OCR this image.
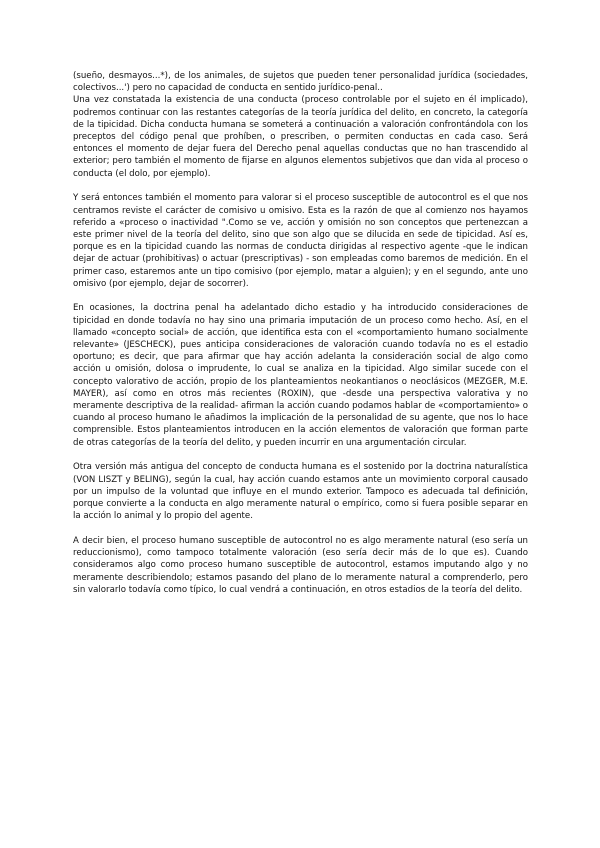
(sueño, desmayos...*), de los animales, de sujetos que pueden tener personalidad jurídica (sociedades, colectivos...') pero no capacidad de conducta en sentido jurídico-penal..

Una vez constatada la existencia de una conducta (proceso controlable por el sujeto en él implicado), podremos continuar con las restantes categorías de la teoría jurídica del delito, en concreto, la categoría de la tipicidad. Dicha conducta humana se someterá a continuación a valoración confrontándola con los preceptos del código penal que prohíben, o prescriben, o permiten conductas en cada caso. Será entonces el momento de dejar fuera del Derecho penal aquellas conductas que no han trascendido al exterior; pero también el momento de fijarse en algunos elementos subjetivos que dan vida al proceso o conducta (el dolo, por ejemplo).

Y será entonces también el momento para valorar si el proceso susceptible de autocontrol es el que nos centramos reviste el carácter de comisivo u omisivo. Esta es la razón de que al comienzo nos hayamos referido a «proceso o inactividad ".Como se ve, acción y omisión no son conceptos que pertenezcan a este primer nivel de la teoría del delito, sino que son algo que se dilucida en sede de tipicidad. Así es, porque es en la tipicidad cuando las normas de conducta dirigidas al respectivo agente -que le indican dejar de actuar (prohibitivas) o actuar (prescriptivas) - son empleadas como baremos de medición. En el primer caso, estaremos ante un tipo comisivo (por ejemplo, matar a alguien); y en el segundo, ante uno omisivo (por ejemplo, dejar de socorrer).

En ocasiones, la doctrina penal ha adelantado dicho estadio y ha introducido consideraciones de tipicidad en donde todavía no hay sino una primaria imputación de un proceso como hecho. Así, en el llamado «concepto social» de acción, que identifica esta con el «comportamiento humano socialmente relevante» (JESCHECK), pues anticipa consideraciones de valoración cuando todavía no es el estadio oportuno; es decir, que para afirmar que hay acción adelanta la consideración social de algo como acción u omisión, dolosa o imprudente, lo cual se analiza en la tipicidad. Algo similar sucede con el concepto valorativo de acción, propio de los planteamientos neokantianos o neoclásicos (MEZGER, M.E. MAYER), así como en otros más recientes (ROXIN), que -desde una perspectiva valorativa y no meramente descriptiva de la realidad- afirman la acción cuando podamos hablar de «comportamiento» o cuando al proceso humano le añadimos la implicación de la personalidad de su agente, que nos lo hace comprensible. Estos planteamientos introducen en la acción elementos de valoración que forman parte de otras categorías de la teoría del delito, y pueden incurrir en una argumentación circular.

Otra versión más antigua del concepto de conducta humana es el sostenido por la doctrina naturalística (VON LISZT y BELING), según la cual, hay acción cuando estamos ante un movimiento corporal causado por un impulso de la voluntad que influye en el mundo exterior. Tampoco es adecuada tal definición, porque convierte a la conducta en algo meramente natural o empírico, como si fuera posible separar en la acción lo animal y lo propio del agente.

A decir bien, el proceso humano susceptible de autocontrol no es algo meramente natural (eso sería un reduccionismo), como tampoco totalmente valoración (eso sería decir más de lo que es). Cuando consideramos algo como proceso humano susceptible de autocontrol, estamos imputando algo y no meramente describiendolo; estamos pasando del plano de lo meramente natural a comprenderlo, pero sin valorarlo todavía como típico, lo cual vendrá a continuación, en otros estadios de la teoría del delito.
